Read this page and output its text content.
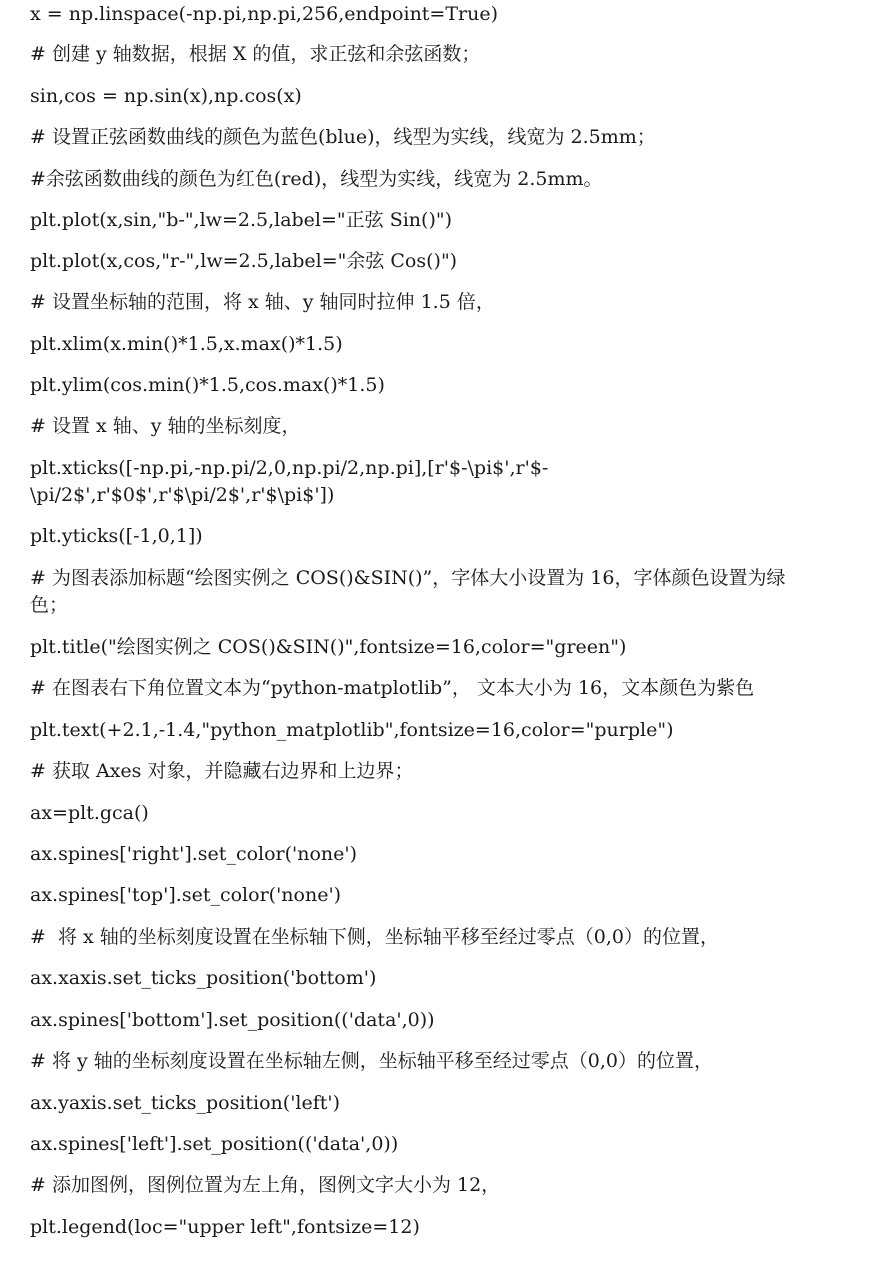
x = np.linspace(-np.pi,np.pi,256,endpoint=True)
# 创建 y 轴数据，根据 X 的值，求正弦和余弦函数；
sin,cos = np.sin(x),np.cos(x)
# 设置正弦函数曲线的颜色为蓝色(blue)，线型为实线，线宽为 2.5mm；
#余弦函数曲线的颜色为红色(red)，线型为实线，线宽为 2.5mm。
plt.plot(x,sin,"b-",lw=2.5,label="正弦 Sin()")
plt.plot(x,cos,"r-",lw=2.5,label="余弦 Cos()")
# 设置坐标轴的范围，将 x 轴、y 轴同时拉伸 1.5 倍，
plt.xlim(x.min()*1.5,x.max()*1.5)
plt.ylim(cos.min()*1.5,cos.max()*1.5)
# 设置 x 轴、y 轴的坐标刻度，
plt.xticks([-np.pi,-np.pi/2,0,np.pi/2,np.pi],[r'$-\pi$',r'$-
\pi/2$',r'$0$',r'$\pi/2$',r'$\pi$'])
plt.yticks([-1,0,1])
# 为图表添加标题“绘图实例之 COS()&SIN()”，字体大小设置为 16，字体颜色设置为绿
色；
plt.title("绘图实例之 COS()&SIN()",fontsize=16,color="green")
# 在图表右下角位置文本为“python-matplotlib”， 文本大小为 16，文本颜色为紫色
plt.text(+2.1,-1.4,"python_matplotlib",fontsize=16,color="purple")
# 获取 Axes 对象，并隐藏右边界和上边界；
ax=plt.gca()
ax.spines['right'].set_color('none')
ax.spines['top'].set_color('none')
#  将 x 轴的坐标刻度设置在坐标轴下侧，坐标轴平移至经过零点（0,0）的位置，
ax.xaxis.set_ticks_position('bottom')
ax.spines['bottom'].set_position(('data',0))
# 将 y 轴的坐标刻度设置在坐标轴左侧，坐标轴平移至经过零点（0,0）的位置，
ax.yaxis.set_ticks_position('left')
ax.spines['left'].set_position(('data',0))
# 添加图例，图例位置为左上角，图例文字大小为 12，
plt.legend(loc="upper left",fontsize=12)
